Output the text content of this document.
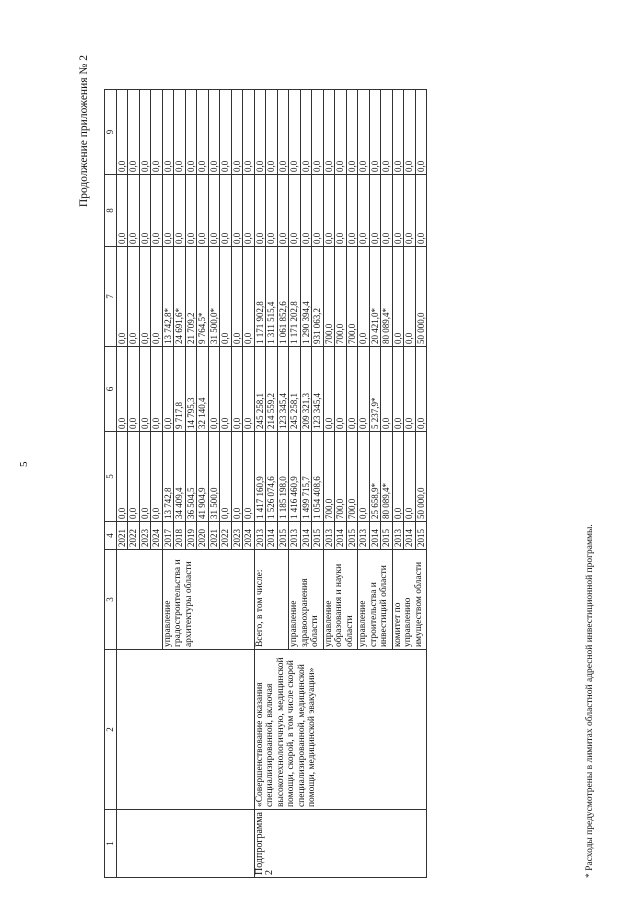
5
Продолжение приложения № 2
1	2	3	4	5	6	7	8	9
			2021	0,0	0,0	0,0	0,0	0,0
			2022	0,0	0,0	0,0	0,0	0,0
			2023	0,0	0,0	0,0	0,0	0,0
			2024	0,0	0,0	0,0	0,0	0,0
		управление градостроительства и архитектуры области	2017	13 742,8	0,0	13 742,8*	0,0	0,0
			2018	34 409,4	9 717,8	24 691,6*	0,0	0,0
			2019	36 504,5	14 795,3	21 709,2	0,0	0,0
			2020	41 904,9	32 140,4	9 764,5*	0,0	0,0
			2021	31 500,0	0,0	31 500,0*	0,0	0,0
			2022	0,0	0,0	0,0	0,0	0,0
			2023	0,0	0,0	0,0	0,0	0,0
			2024	0,0	0,0	0,0	0,0	0,0
Подпрограмма 2	«Совершенствование оказания специализированной, включая высокотехнологичную, медицинской помощи, скорой, в том числе скорой специализированной, медицинской помощи, медицинской эвакуации»	Всего, в том числе:	2013	1 417 160,9	245 258,1	1 171 902,8	0,0	0,0
			2014	1 526 074,6	214 559,2	1 311 515,4	0,0	0,0
			2015	1 185 198,0	123 345,4	1 061 852,6	0,0	0,0
		управление здравоохранения области	2013	1 416 460,9	245 258,1	1 171 202,8	0,0	0,0
			2014	1 499 715,7	209 321,3	1 290 394,4	0,0	0,0
			2015	1 054 408,6	123 345,4	931 063,2	0,0	0,0
		управление образования и науки области	2013	700,0	0,0	700,0	0,0	0,0
			2014	700,0	0,0	700,0	0,0	0,0
			2015	700,0	0,0	700,0	0,0	0,0
		управление строительства и инвестиций области	2013	0,0	0,0	0,0	0,0	0,0
			2014	25 658,9*	5 237,9*	20 421,0*	0,0	0,0
			2015	80 089,4*	0,0	80 089,4*	0,0	0,0
		комитет по управлению имуществом области	2013	0,0	0,0	0,0	0,0	0,0
			2014	0,0	0,0	0,0	0,0	0,0
			2015	50 000,0	0,0	50 000,0	0,0	0,0
* Расходы предусмотрены в лимитах областной адресной инвестиционной программы.
